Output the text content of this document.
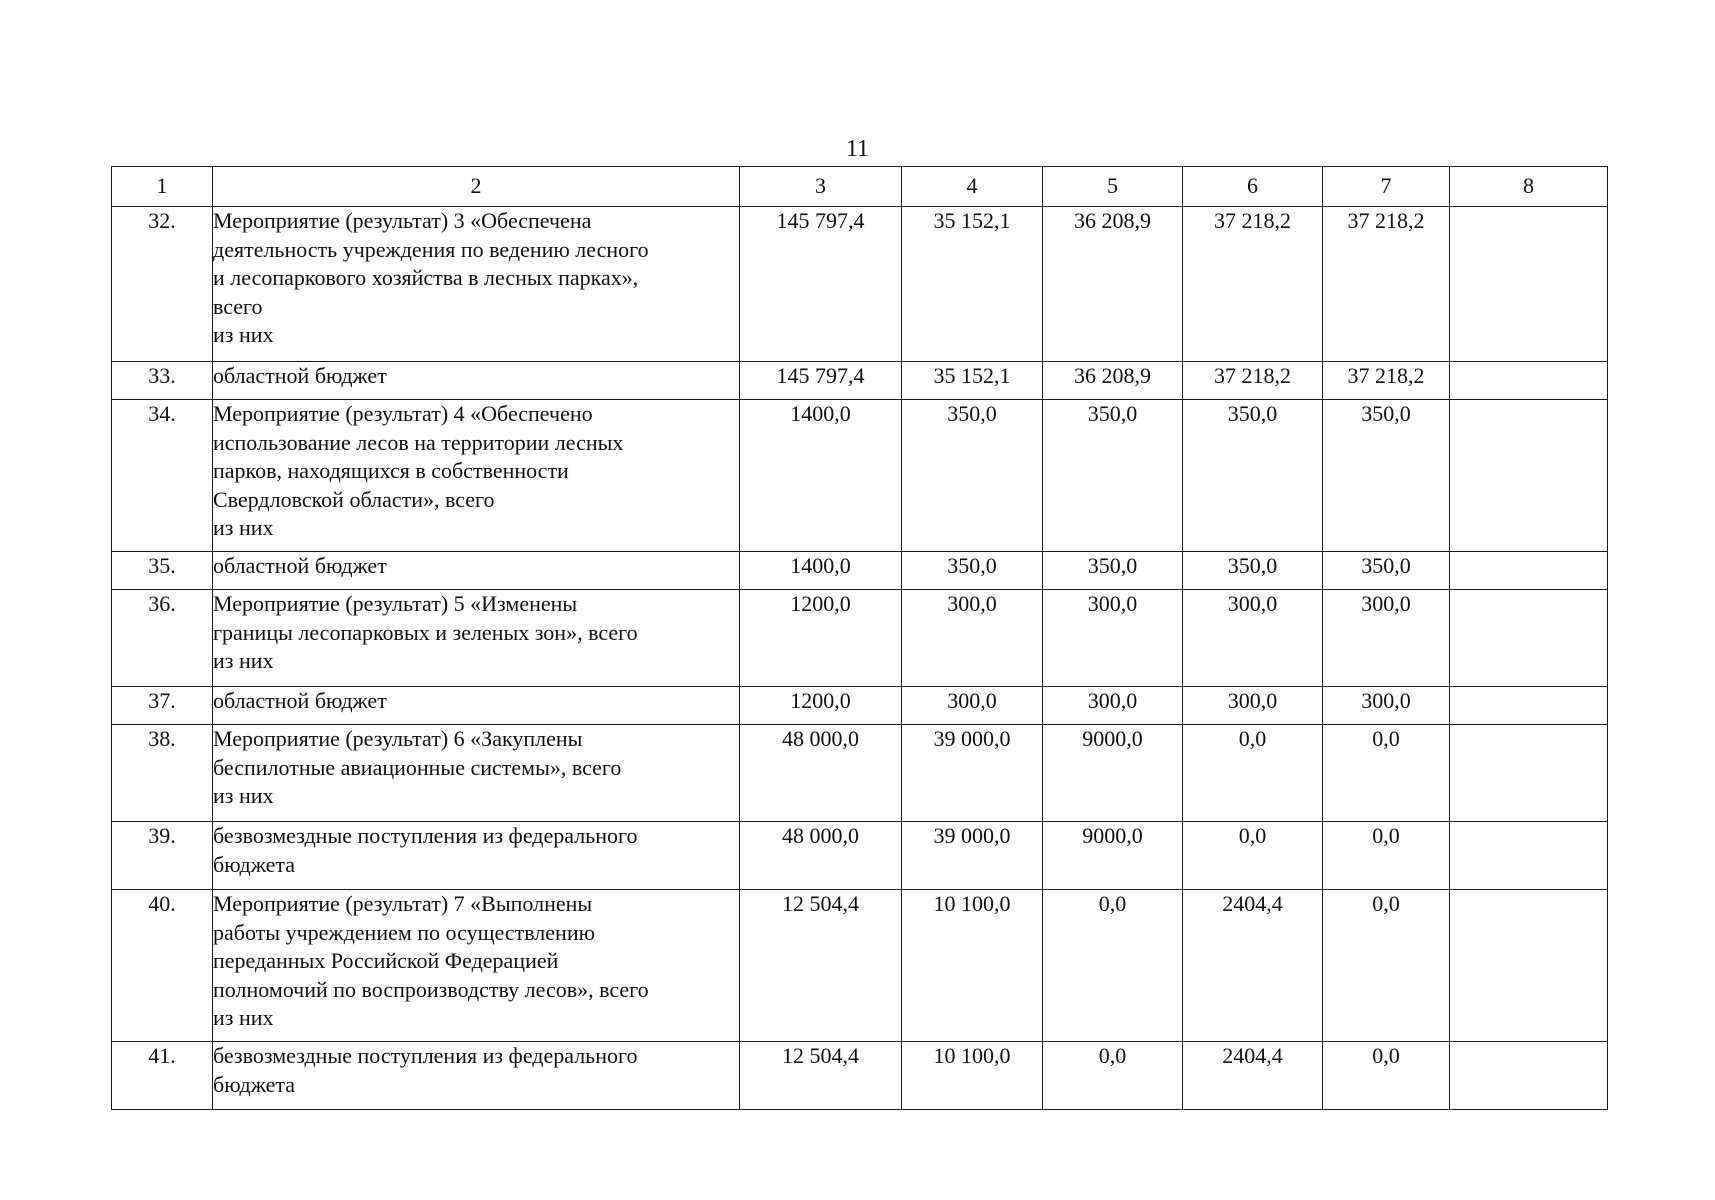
11
1	2	3	4	5	6	7	8
32.	Мероприятие (результат) 3 «Обеспечена
деятельность учреждения по ведению лесного
и лесопаркового хозяйства в лесных парках»,
всего
из них	145 797,4	35 152,1	36 208,9	37 218,2	37 218,2	
33.	областной бюджет	145 797,4	35 152,1	36 208,9	37 218,2	37 218,2	
34.	Мероприятие (результат) 4 «Обеспечено
использование лесов на территории лесных
парков, находящихся в собственности
Свердловской области», всего
из них	1400,0	350,0	350,0	350,0	350,0	
35.	областной бюджет	1400,0	350,0	350,0	350,0	350,0	
36.	Мероприятие (результат) 5 «Изменены
границы лесопарковых и зеленых зон», всего
из них	1200,0	300,0	300,0	300,0	300,0	
37.	областной бюджет	1200,0	300,0	300,0	300,0	300,0	
38.	Мероприятие (результат) 6 «Закуплены
беспилотные авиационные системы», всего
из них	48 000,0	39 000,0	9000,0	0,0	0,0	
39.	безвозмездные поступления из федерального
бюджета	48 000,0	39 000,0	9000,0	0,0	0,0	
40.	Мероприятие (результат) 7 «Выполнены
работы учреждением по осуществлению
переданных Российской Федерацией
полномочий по воспроизводству лесов», всего
из них	12 504,4	10 100,0	0,0	2404,4	0,0	
41.	безвозмездные поступления из федерального
бюджета	12 504,4	10 100,0	0,0	2404,4	0,0	
